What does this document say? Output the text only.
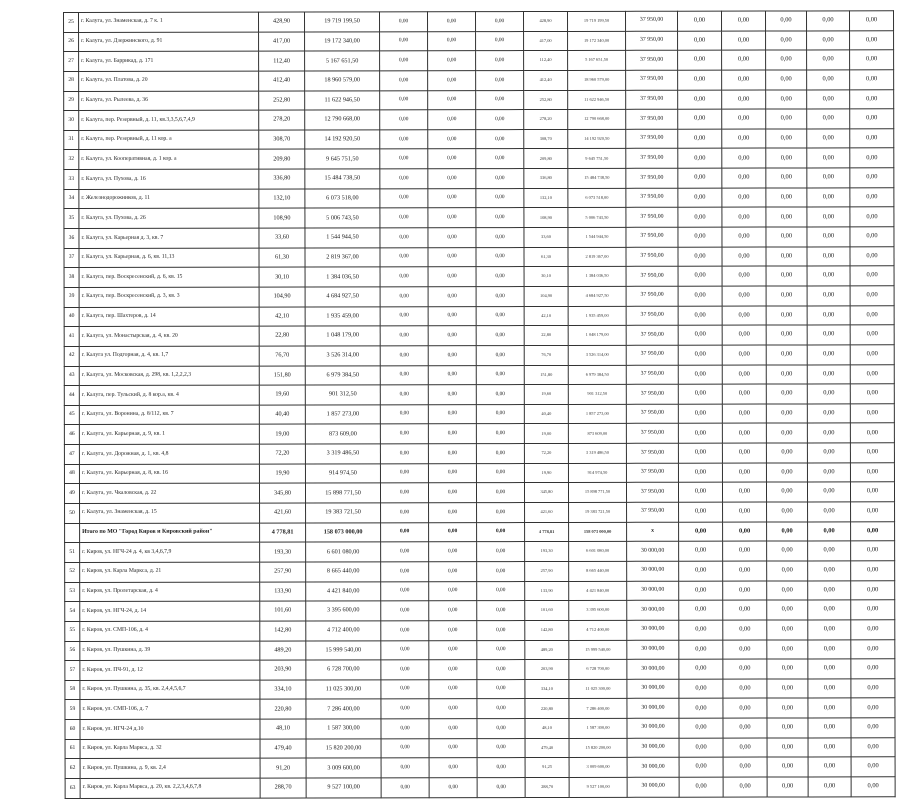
25	г. Калуга, ул. Знаменская, д. 7 к. 1	428,90	19 719 199,50	0,00	0,00	0,00	428,90	19 719 199,50	37 950,00	0,00	0,00	0,00	0,00	0,00
26	г. Калуга, ул. Дзержинского, д. 91	417,00	19 172 340,00	0,00	0,00	0,00	417,00	19 172 340,00	37 950,00	0,00	0,00	0,00	0,00	0,00
27	г. Калуга, ул. Баррикад, д. 171	112,40	5 167 651,50	0,00	0,00	0,00	112,40	5 167 651,50	37 950,00	0,00	0,00	0,00	0,00	0,00
28	г. Калуга, ул. Платова, д. 20	412,40	18 960 579,00	0,00	0,00	0,00	412,40	18 960 579,00	37 950,00	0,00	0,00	0,00	0,00	0,00
29	г. Калуга, ул. Рылеева, д. 36	252,80	11 622 946,50	0,00	0,00	0,00	252,80	11 622 946,50	37 950,00	0,00	0,00	0,00	0,00	0,00
30	г. Калуга, пер. Резервный, д. 11, кв.3,3,5,6,7,4,9	278,20	12 790 668,00	0,00	0,00	0,00	278,20	12 790 668,00	37 950,00	0,00	0,00	0,00	0,00	0,00
31	г. Калуга, пер. Резервный, д. 11 кор. а	308,70	14 192 920,50	0,00	0,00	0,00	308,70	14 192 920,50	37 950,00	0,00	0,00	0,00	0,00	0,00
32	г. Калуга, ул. Кооперативная, д. 1 кор. а	209,80	9 645 751,50	0,00	0,00	0,00	209,80	9 645 751,50	37 950,00	0,00	0,00	0,00	0,00	0,00
33	г. Калуга, ул. Пухова, д. 16	336,80	15 484 738,50	0,00	0,00	0,00	336,80	15 484 738,50	37 950,00	0,00	0,00	0,00	0,00	0,00
34	г. Железнодорожников, д. 11	132,10	6 073 518,00	0,00	0,00	0,00	132,10	6 073 518,00	37 950,00	0,00	0,00	0,00	0,00	0,00
35	г. Калуга, ул. Пухова, д. 26	108,90	5 006 743,50	0,00	0,00	0,00	108,90	5 006 743,50	37 950,00	0,00	0,00	0,00	0,00	0,00
36	г. Калуга, ул. Карьерная д. 3, кв. 7	33,60	1 544 944,50	0,00	0,00	0,00	33,60	1 544 944,50	37 950,00	0,00	0,00	0,00	0,00	0,00
37	г. Калуга, ул. Карьерная, д. 6, кв. 11,13	61,30	2 819 367,00	0,00	0,00	0,00	61,30	2 819 367,00	37 950,00	0,00	0,00	0,00	0,00	0,00
38	г. Калуга, пер. Воскресенский, д. 6, кв. 15	30,10	1 384 036,50	0,00	0,00	0,00	30,10	1 384 036,50	37 950,00	0,00	0,00	0,00	0,00	0,00
39	г. Калуга, пер. Воскресенский, д. 3, кв. 3	104,90	4 684 927,50	0,00	0,00	0,00	104,90	4 684 927,50	37 950,00	0,00	0,00	0,00	0,00	0,00
40	г. Калуга, пер. Шахтеров, д. 14	42,10	1 935 459,00	0,00	0,00	0,00	42,10	1 935 459,00	37 950,00	0,00	0,00	0,00	0,00	0,00
41	г. Калуга, ул. Монастырская, д. 4, кв. 20	22,80	1 048 179,00	0,00	0,00	0,00	22,80	1 048 179,00	37 950,00	0,00	0,00	0,00	0,00	0,00
42	г. Калуга ул. Подгорная, д. 4, кв. 1,7	76,70	3 526 314,00	0,00	0,00	0,00	76,70	3 526 314,00	37 950,00	0,00	0,00	0,00	0,00	0,00
43	г. Калуга, ул. Московская, д. 298, кв. 1,2,2,2,3	151,80	6 979 384,50	0,00	0,00	0,00	151,80	6 979 384,50	37 950,00	0,00	0,00	0,00	0,00	0,00
44	г. Калуга, пер. Тульский, д. 8 кор.а, кв. 4	19,60	901 312,50	0,00	0,00	0,00	19,60	901 312,50	37 950,00	0,00	0,00	0,00	0,00	0,00
45	г. Калуга, ул. Воронина, д. 8/112, кв. 7	40,40	1 857 273,00	0,00	0,00	0,00	40,40	1 857 273,00	37 950,00	0,00	0,00	0,00	0,00	0,00
46	г. Калуга, ул. Карьерная, д. 9, кв. 1	19,00	873 609,00	0,00	0,00	0,00	19,00	873 609,00	37 950,00	0,00	0,00	0,00	0,00	0,00
47	г. Калуга, ул. Дорожная, д. 1, кв. 4,8	72,20	3 319 486,50	0,00	0,00	0,00	72,20	3 319 486,50	37 950,00	0,00	0,00	0,00	0,00	0,00
48	г. Калуга, ул. Карьерная, д. 8, кв. 16	19,90	914 974,50	0,00	0,00	0,00	19,90	914 974,50	37 950,00	0,00	0,00	0,00	0,00	0,00
49	г. Калуга, ул. Чкаловская, д. 22	345,80	15 898 771,50	0,00	0,00	0,00	345,80	15 898 771,50	37 950,00	0,00	0,00	0,00	0,00	0,00
50	г. Калуга, ул. Знаменская, д. 15	421,60	19 383 721,50	0,00	0,00	0,00	421,60	19 383 721,50	37 950,00	0,00	0,00	0,00	0,00	0,00
	Итого по МО "Город Киров и Кировский район"	4 778,81	158 073 000,00	0,00	0,00	0,00	4 778,81	158 073 000,00	x	0,00	0,00	0,00	0,00	0,00
51	г. Киров, ул. НГЧ-24 д. 4, кв 3,4,6,7,9	193,30	6 601 080,00	0,00	0,00	0,00	193,30	6 601 080,00	30 000,00	0,00	0,00	0,00	0,00	0,00
52	г. Киров, ул. Карла Маркса, д. 21	257,90	8 665 440,00	0,00	0,00	0,00	257,90	8 665 440,00	30 000,00	0,00	0,00	0,00	0,00	0,00
53	г. Киров, ул. Пролетарская, д. 4	133,90	4 421 840,00	0,00	0,00	0,00	133,90	4 421 840,00	30 000,00	0,00	0,00	0,00	0,00	0,00
54	г. Киров, ул. НГЧ-24, д. 14	101,60	3 395 600,00	0,00	0,00	0,00	101,60	3 395 600,00	30 000,00	0,00	0,00	0,00	0,00	0,00
55	г. Киров, ул. СМП-106, д. 4	142,80	4 712 400,00	0,00	0,00	0,00	142,80	4 712 400,00	30 000,00	0,00	0,00	0,00	0,00	0,00
56	г. Киров, ул. Пушкина, д. 39	489,20	15 999 540,00	0,00	0,00	0,00	489,20	15 999 540,00	30 000,00	0,00	0,00	0,00	0,00	0,00
57	г. Киров, ул. ПЧ-91, д. 12	203,90	6 728 700,00	0,00	0,00	0,00	203,90	6 728 700,00	30 000,00	0,00	0,00	0,00	0,00	0,00
58	г. Киров, ул. Пушкина, д. 35, кв. 2,4,4,5,6,7	334,10	11 025 300,00	0,00	0,00	0,00	334,10	11 025 300,00	30 000,00	0,00	0,00	0,00	0,00	0,00
59	г. Киров, ул. СМП-106, д. 7	220,80	7 286 400,00	0,00	0,00	0,00	220,80	7 286 400,00	30 000,00	0,00	0,00	0,00	0,00	0,00
60	г. Киров, ул. НГЧ-24 д.10	48,10	1 587 300,00	0,00	0,00	0,00	48,10	1 587 300,00	30 000,00	0,00	0,00	0,00	0,00	0,00
61	г. Киров, ул. Карла Маркса, д. 32	479,40	15 820 200,00	0,00	0,00	0,00	479,40	15 820 200,00	30 000,00	0,00	0,00	0,00	0,00	0,00
62	г. Киров, ул. Пушкина, д. 9, кв. 2,4	91,20	3 009 600,00	0,00	0,00	0,00	91,25	3 009 600,00	30 000,00	0,00	0,00	0,00	0,00	0,00
63	г. Киров, ул. Карла Маркса, д. 20, кв. 2,2,3,4,6,7,8	288,70	9 527 100,00	0,00	0,00	0,00	288,70	9 527 100,00	30 000,00	0,00	0,00	0,00	0,00	0,00
